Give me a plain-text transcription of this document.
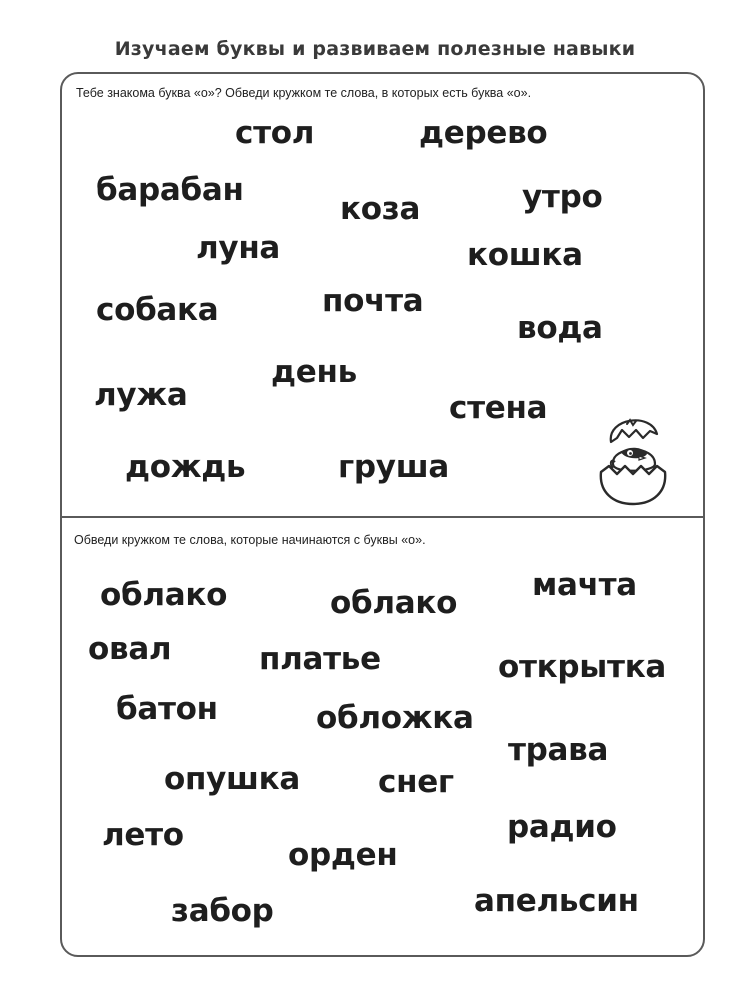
Изучаем буквы и развиваем полезные навыки
Тебе знакома буква «о»? Обведи кружком те слова, в которых есть буква «о».
стол	дерево
барабан
коза	утро
луна	кошка
собака	почта
вода
день
лужа	стена
дождь	груша
Обведи кружком те слова, которые начинаются с буквы «о».
облако	облако мачта
овал	платье	открытка
батон	обложка
трава
опушка	снег
лето	радио
орден
забор	апельсин
